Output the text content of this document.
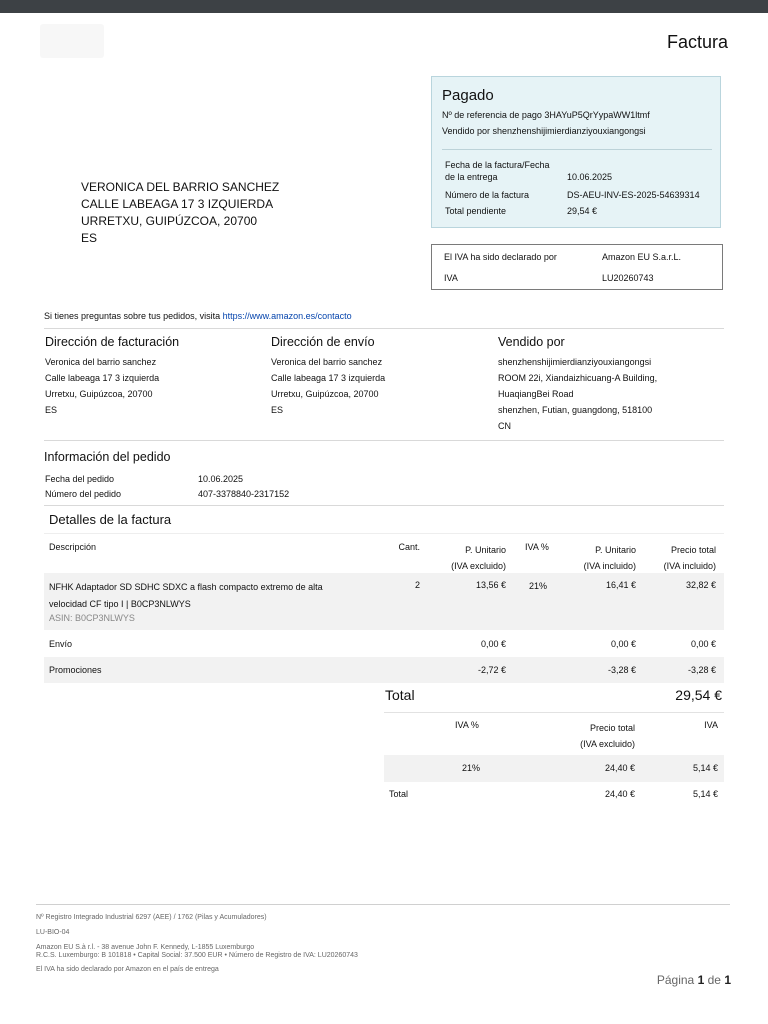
Factura
Pagado
Nº de referencia de pago 3HAYuP5QrYypaWW1ltmf
Vendido por shenzhenshijimierdianziyouxiangongsi
Fecha de la factura/Fecha
de la entrega	10.06.2025
Número de la factura	DS-AEU-INV-ES-2025-54639314
Total pendiente	29,54 €
El IVA ha sido declarado por	Amazon EU S.a.r.L.
IVA	LU20260743
VERONICA DEL BARRIO SANCHEZ
CALLE LABEAGA 17 3 IZQUIERDA
URRETXU, GUIPÚZCOA, 20700
ES
Si tienes preguntas sobre tus pedidos, visita https://www.amazon.es/contacto
Dirección de facturación
Veronica del barrio sanchez
Calle labeaga 17 3 izquierda
Urretxu, Guipúzcoa, 20700
ES
Dirección de envío
Veronica del barrio sanchez
Calle labeaga 17 3 izquierda
Urretxu, Guipúzcoa, 20700
ES
Vendido por
shenzhenshijimierdianziyouxiangongsi
ROOM 22i, Xiandaizhicuang-A Building,
HuaqiangBei Road
shenzhen, Futian, guangdong, 518100
CN
Información del pedido
Fecha del pedido	10.06.2025
Número del pedido	407-3378840-2317152
Detalles de la factura
Descripción	Cant.	P. Unitario
(IVA excluido)
IVA %	P. Unitario
(IVA incluido)
Precio total
(IVA incluido)
NFHK Adaptador SD SDHC SDXC a flash compacto extremo de alta
velocidad CF tipo I | B0CP3NLWYS
ASIN: B0CP3NLWYS
2	13,56 €	21%	16,41 €	32,82 €
Envío	0,00 €	0,00 €	0,00 €
Promociones	-2,72 €	-3,28 €	-3,28 €
Total	29,54 €
IVA %	Precio total
(IVA excluido)
IVA
21%	24,40 €	5,14 €
Total	24,40 €	5,14 €
Nº Registro Integrado Industrial 6297 (AEE) / 1762 (Pilas y Acumuladores)
LU-BIO-04
Amazon EU S.à r.l. - 38 avenue John F. Kennedy, L-1855 Luxemburgo
R.C.S. Luxemburgo: B 101818 • Capital Social: 37.500 EUR • Número de Registro de IVA: LU20260743
El IVA ha sido declarado por Amazon en el país de entrega
Página 1 de 1
